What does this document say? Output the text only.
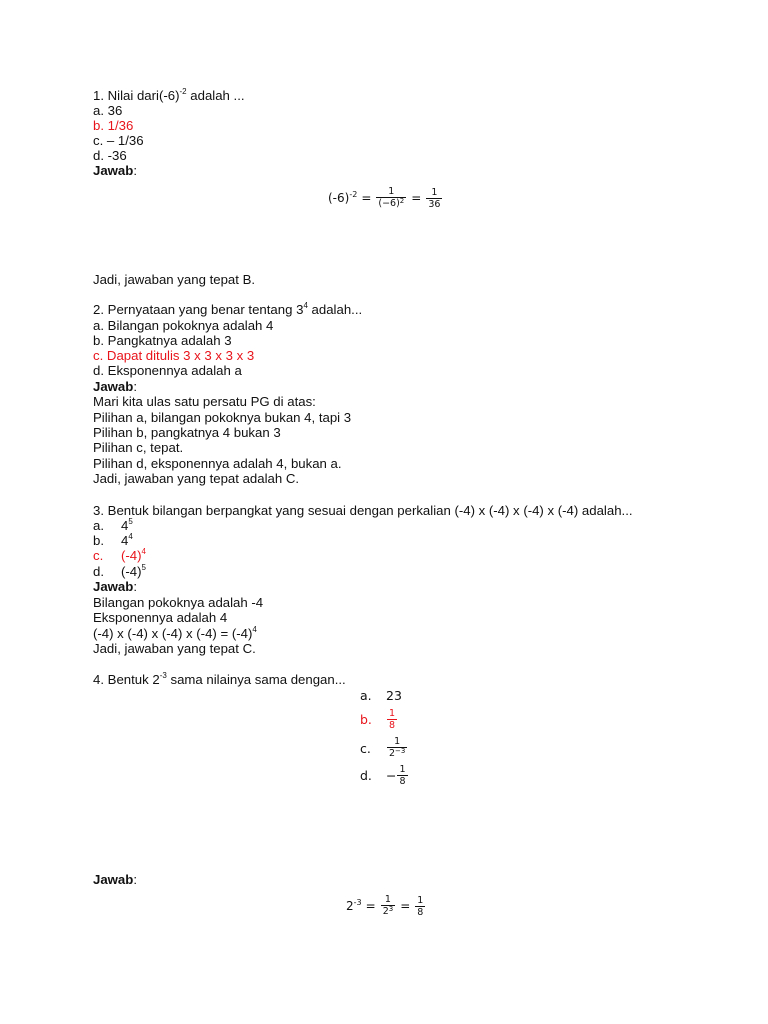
1. Nilai $dari(-6)^{-2}$ adalah ...
a. 36
b. 1/36
c. – 1/36
d. -36
Jawab:
$(-6)^{-2} = \frac{1}{(-6)^2} = \frac{1}{36}$
Jadi, jawaban yang tepat B.
2. Pernyataan yang benar tentang $3^4$ adalah...
a. Bilangan pokoknya adalah 4
b. Pangkatnya adalah 3
c. Dapat ditulis 3 x 3 x 3 x 3
d. Eksponennya adalah a
Jawab:
Mari kita ulas satu persatu PG di atas:
Pilihan a, bilangan pokoknya bukan 4, tapi 3
Pilihan b, pangkatnya 4 bukan 3
Pilihan c, tepat.
Pilihan d, eksponennya adalah 4, bukan a.
Jadi, jawaban yang tepat adalah C.
3. Bentuk bilangan berpangkat yang sesuai dengan perkalian (-4) x (-4) x (-4) x (-4) adalah...
a. $4^5$
b. $4^4$
c. $(-4)^4$
d. $(-4)^5$
Jawab:
Bilangan pokoknya adalah -4
Eksponennya adalah 4
(-4) x (-4) x (-4) x $(-4) = (-4)^4$
Jadi, jawaban yang tepat C.
4. Bentuk $2^{-3}$ sama nilainya sama dengan...
a.	23
b.	$\frac{1}{8}$
c.	$\frac{1}{2^{-3}}$
d.	− $\frac{1}{8}$
Jawab:
$2^{-3} = \frac{1}{2^3} = \frac{1}{8}$
